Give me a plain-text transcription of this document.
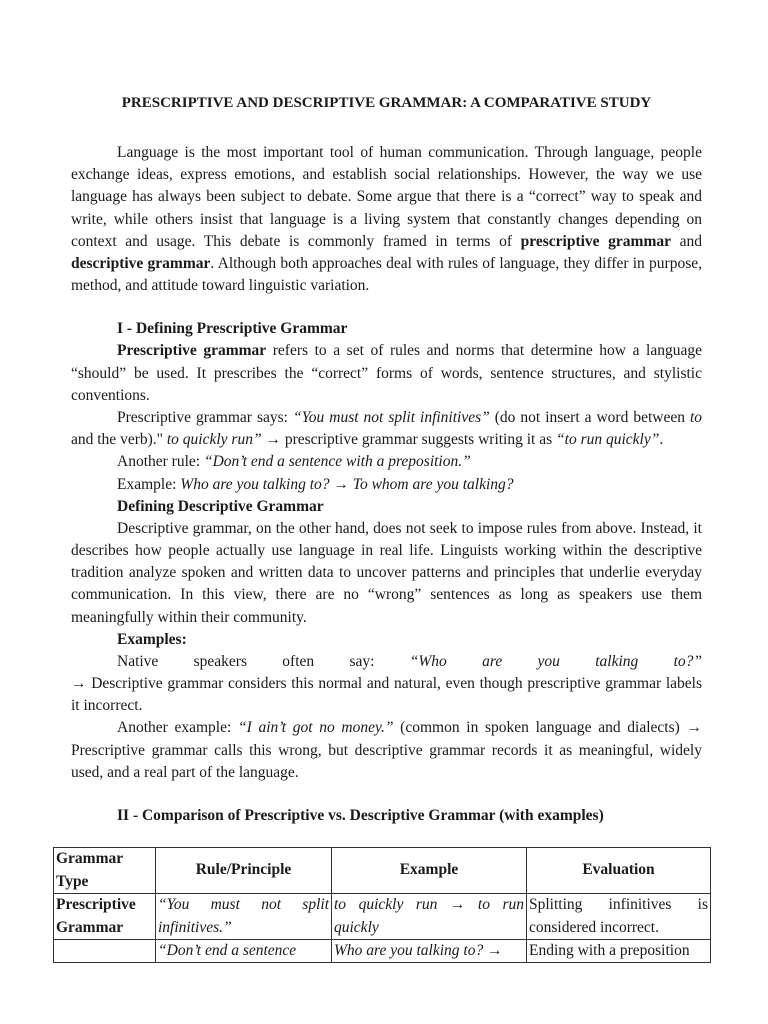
PRESCRIPTIVE AND DESCRIPTIVE GRAMMAR: A COMPARATIVE STUDY

Language is the most important tool of human communication. Through language, people exchange ideas, express emotions, and establish social relationships. However, the way we use language has always been subject to debate. Some argue that there is a “correct” way to speak and write, while others insist that language is a living system that constantly changes depending on context and usage. This debate is commonly framed in terms of prescriptive grammar and descriptive grammar. Although both approaches deal with rules of language, they differ in purpose, method, and attitude toward linguistic variation.

I - Defining Prescriptive Grammar

Prescriptive grammar refers to a set of rules and norms that determine how a language “should” be used. It prescribes the “correct” forms of words, sentence structures, and stylistic conventions.

Prescriptive grammar says: “You must not split infinitives” (do not insert a word between to and the verb)." to quickly run” → prescriptive grammar suggests writing it as “to run quickly”.

Another rule: “Don’t end a sentence with a preposition.”

Example: Who are you talking to? → To whom are you talking?

Defining Descriptive Grammar

Descriptive grammar, on the other hand, does not seek to impose rules from above. Instead, it describes how people actually use language in real life. Linguists working within the descriptive tradition analyze spoken and written data to uncover patterns and principles that underlie everyday communication. In this view, there are no “wrong” sentences as long as speakers use them meaningfully within their community.

Examples:

Native speakers often say: “Who are you talking to?”

→ Descriptive grammar considers this normal and natural, even though prescriptive grammar labels it incorrect.

Another example: “I ain’t got no money.” (common in spoken language and dialects) → Prescriptive grammar calls this wrong, but descriptive grammar records it as meaningful, widely used, and a real part of the language.

II - Comparison of Prescriptive vs. Descriptive Grammar (with examples)
Grammar Type	Rule/Principle	Example	Evaluation
Prescriptive Grammar	“You must not split infinitives.”	to quickly run → to run quickly	Splitting infinitives is considered incorrect.

	“Don’t end a sentence	Who are you talking to? →	Ending with a preposition
